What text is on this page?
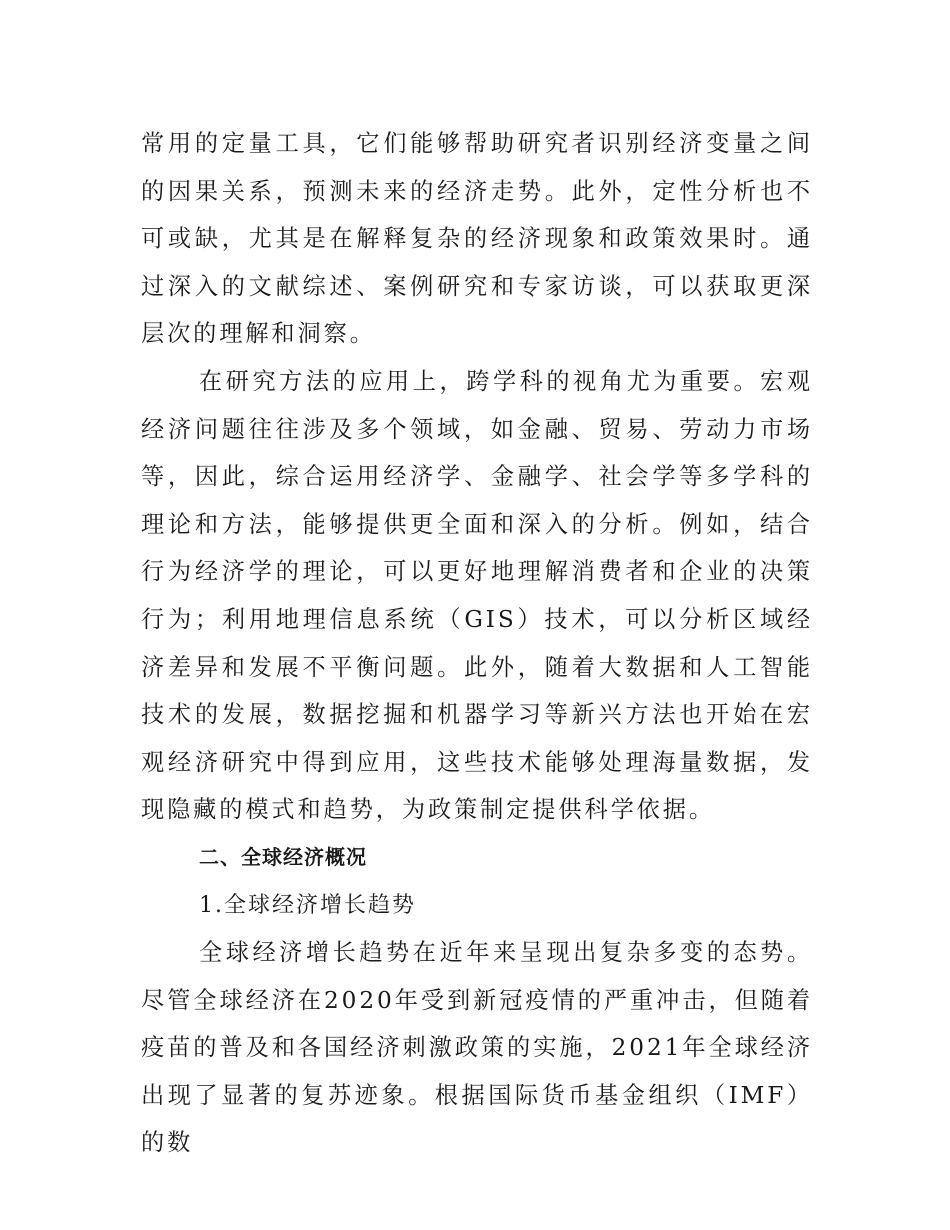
常用的定量工具，它们能够帮助研究者识别经济变量之间的因果关系，预测未来的经济走势。此外，定性分析也不可或缺，尤其是在解释复杂的经济现象和政策效果时。通过深入的文献综述、案例研究和专家访谈，可以获取更深层次的理解和洞察。

在研究方法的应用上，跨学科的视角尤为重要。宏观经济问题往往涉及多个领域，如金融、贸易、劳动力市场等，因此，综合运用经济学、金融学、社会学等多学科的理论和方法，能够提供更全面和深入的分析。例如，结合行为经济学的理论，可以更好地理解消费者和企业的决策行为；利用地理信息系统（GIS）技术，可以分析区域经济差异和发展不平衡问题。此外，随着大数据和人工智能技术的发展，数据挖掘和机器学习等新兴方法也开始在宏观经济研究中得到应用，这些技术能够处理海量数据，发现隐藏的模式和趋势，为政策制定提供科学依据。

二、全球经济概况

1.全球经济增长趋势

全球经济增长趋势在近年来呈现出复杂多变的态势。尽管全球经济在2020年受到新冠疫情的严重冲击，但随着疫苗的普及和各国经济刺激政策的实施，2021年全球经济出现了显著的复苏迹象。根据国际货币基金组织（IMF）的数
